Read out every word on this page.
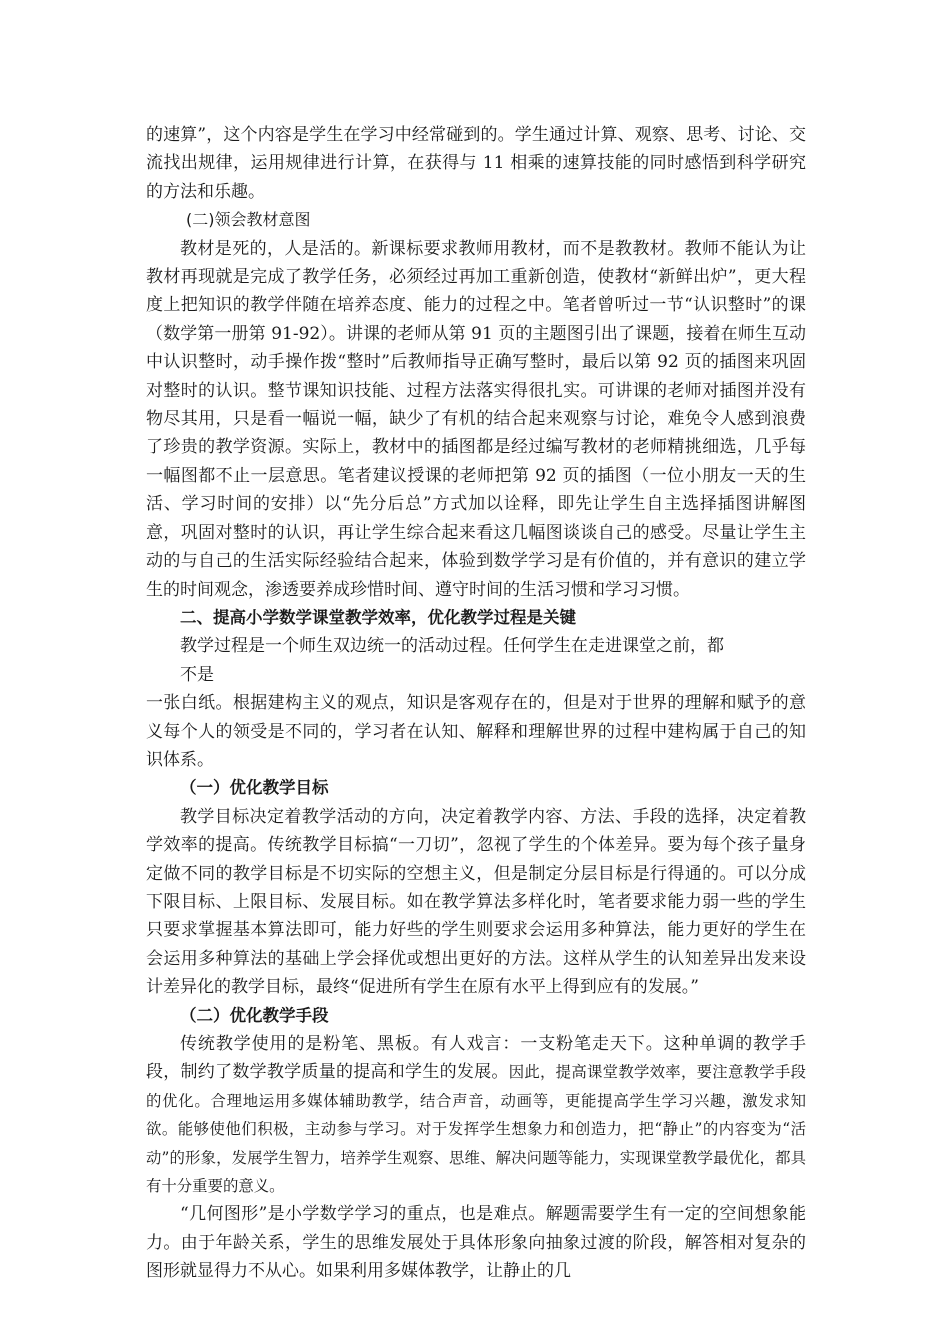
的速算”，这个内容是学生在学习中经常碰到的。学生通过计算、观察、思考、讨论、交流找出规律，运用规律进行计算，在获得与 11 相乘的速算技能的同时感悟到科学研究的方法和乐趣。

(二)领会教材意图

教材是死的，人是活的。新课标要求教师用教材，而不是教教材。教师不能认为让教材再现就是完成了教学任务，必须经过再加工重新创造，使教材“新鲜出炉”，更大程度上把知识的教学伴随在培养态度、能力的过程之中。笔者曾听过一节“认识整时”的课（数学第一册第 91-92）。讲课的老师从第 91 页的主题图引出了课题，接着在师生互动中认识整时，动手操作拨“整时”后教师指导正确写整时，最后以第 92 页的插图来巩固对整时的认识。整节课知识技能、过程方法落实得很扎实。可讲课的老师对插图并没有物尽其用，只是看一幅说一幅，缺少了有机的结合起来观察与讨论，难免令人感到浪费了珍贵的教学资源。实际上，教材中的插图都是经过编写教材的老师精挑细选，几乎每一幅图都不止一层意思。笔者建议授课的老师把第 92 页的插图（一位小朋友一天的生活、学习时间的安排）以“先分后总”方式加以诠释，即先让学生自主选择插图讲解图意，巩固对整时的认识，再让学生综合起来看这几幅图谈谈自己的感受。尽量让学生主动的与自己的生活实际经验结合起来，体验到数学学习是有价值的，并有意识的建立学生的时间观念，渗透要养成珍惜时间、遵守时间的生活习惯和学习习惯。

二、提高小学数学课堂教学效率，优化教学过程是关键

教学过程是一个师生双边统一的活动过程。任何学生在走进课堂之前，都

不是

一张白纸。根据建构主义的观点，知识是客观存在的，但是对于世界的理解和赋予的意义每个人的领受是不同的，学习者在认知、解释和理解世界的过程中建构属于自己的知识体系。

（一）优化教学目标

教学目标决定着教学活动的方向，决定着教学内容、方法、手段的选择，决定着教学效率的提高。传统教学目标搞“一刀切”，忽视了学生的个体差异。要为每个孩子量身定做不同的教学目标是不切实际的空想主义，但是制定分层目标是行得通的。可以分成下限目标、上限目标、发展目标。如在教学算法多样化时，笔者要求能力弱一些的学生只要求掌握基本算法即可，能力好些的学生则要求会运用多种算法，能力更好的学生在会运用多种算法的基础上学会择优或想出更好的方法。这样从学生的认知差异出发来设计差异化的教学目标，最终“促进所有学生在原有水平上得到应有的发展。”

（二）优化教学手段

传统教学使用的是粉笔、黑板。有人戏言：一支粉笔走天下。这种单调的教学手段，制约了数学教学质量的提高和学生的发展。因此，提高课堂教学效率，要注意教学手段的优化。合理地运用多媒体辅助教学，结合声音，动画等，更能提高学生学习兴趣，激发求知欲。能够使他们积极，主动参与学习。对于发挥学生想象力和创造力，把“静止”的内容变为“活动”的形象，发展学生智力，培养学生观察、思维、解决问题等能力，实现课堂教学最优化，都具有十分重要的意义。

“几何图形”是小学数学学习的重点，也是难点。解题需要学生有一定的空间想象能力。由于年龄关系，学生的思维发展处于具体形象向抽象过渡的阶段，解答相对复杂的图形就显得力不从心。如果利用多媒体教学，让静止的几
